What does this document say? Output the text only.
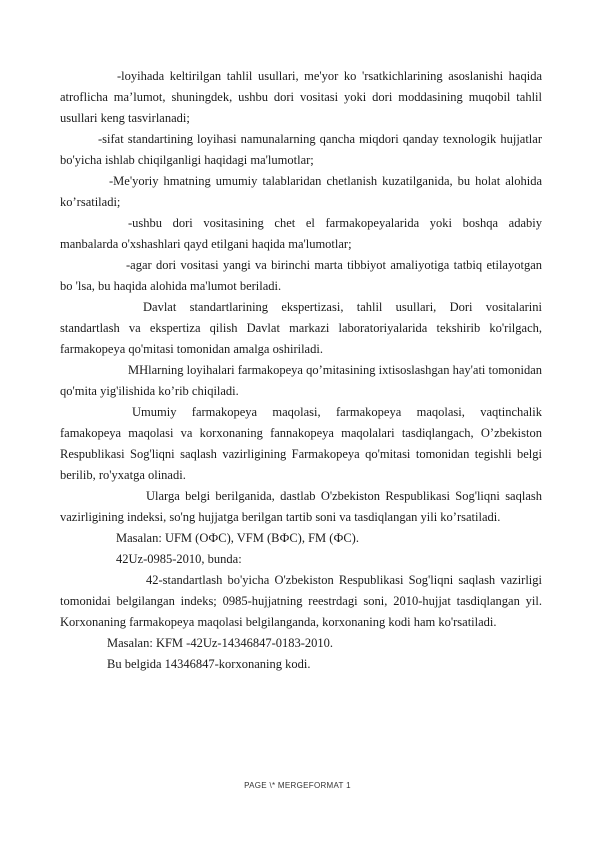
-loyihada keltirilgan tahlil usullari, me'yor ko 'rsatkichlarining asoslanishi haqida atroflicha ma’lumot, shuningdek, ushbu dori vositasi yoki dori moddasining muqobil tahlil usullari keng tasvirlanadi;

-sifat standartining loyihasi namunalarning qancha miqdori qanday texnologik hujjatlar bo'yicha ishlab chiqilganligi haqidagi ma'lumotlar;

-Me'yoriy hmatning umumiy talablaridan chetlanish kuzatilganida, bu holat alohida ko’rsatiladi;

-ushbu dori vositasining chet el farmakopeyalarida yoki boshqa adabiy manbalarda o'xshashlari qayd etilgani haqida ma'lumotlar;

-agar dori vositasi yangi va birinchi marta tibbiyot amaliyotiga tatbiq etilayotgan bo 'lsa, bu haqida alohida ma'lumot beriladi.

Davlat standartlarining ekspertizasi, tahlil usullari, Dori vositalarini standartlash va ekspertiza qilish Davlat markazi laboratoriyalarida tekshirib ko'rilgach, farmakopeya qo'mitasi tomonidan amalga oshiriladi.

MHlarning loyihalari farmakopeya qo’mitasining ixtisoslashgan hay'ati tomonidan qo'mita yig'ilishida ko’rib chiqiladi.

Umumiy farmakopeya maqolasi, farmakopeya maqolasi, vaqtinchalik famakopeya maqolasi va korxonaning fannakopeya maqolalari tasdiqlangach, O’zbekiston Respublikasi Sog'liqni saqlash vazirligining Farmakopeya qo'mitasi tomonidan tegishli belgi berilib, ro'yxatga olinadi.

Ularga belgi berilganida, dastlab O'zbekiston Respublikasi Sog'liqni saqlash vazirligining indeksi, so'ng hujjatga berilgan tartib soni va tasdiqlangan yili ko’rsatiladi.

Masalan: UFM (OФC), VFM (BФC), FM (ФC).

42Uz-0985-2010, bunda:

42-standartlash bo'yicha O'zbekiston Respublikasi Sog'liqni saqlash vazirligi tomonidai belgilangan indeks; 0985-hujjatning reestrdagi soni, 2010-hujjat tasdiqlangan yil. Korxonaning farmakopeya maqolasi belgilanganda, korxonaning kodi ham ko'rsatiladi.

Masalan: KFM -42Uz-14346847-0183-2010.

Bu belgida 14346847-korxonaning kodi.

PAGE \* MERGEFORMAT 1
